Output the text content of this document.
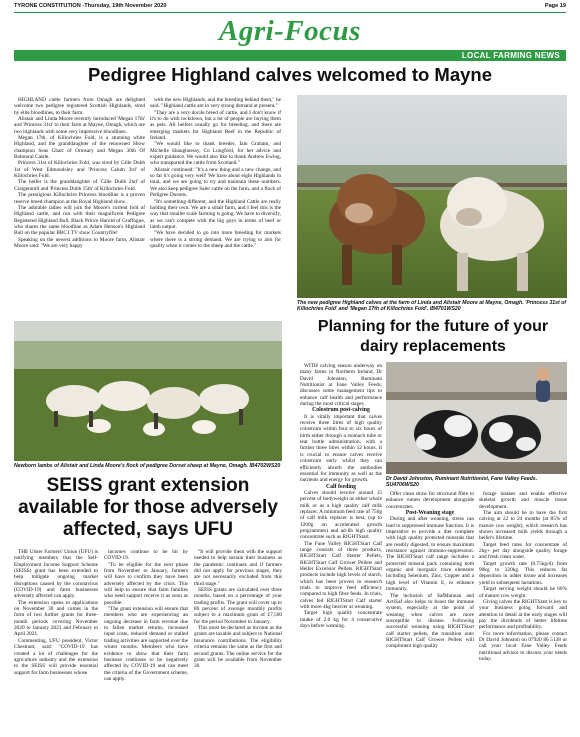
TYRONE CONSTITUTION -Thursday, 19th November 2020	Page 19
Agri-Focus
LOCAL FARMING NEWS
Pedigree Highland calves welcomed to Mayne

HIGHLAND cattle farmers from Omagh are delighted welcome two pedigree registered Scottish Highlands, sired by elite bloodlines, to their farm.

Alistair and Linda Moore recently introduced 'Megan 17th' and 'Princess 31st' to their farm at Mayne, Omagh, which are two highlands with some very impressive bloodlines.

Megan 17th, of Killochries Fold, is a stunning white Highland, and the granddaughter of the renowned Show champion Seas Ghart of Ormsary and Megan 30th Of Balmoral Castle.

Princess 31st of Killochries Fold, was sired by Gille Dubh 1st of West Edmondsley and 'Princess Calum 3rd' of Killochries Fold.

The heifer is the granddaughter of 'Gille Dubh 2nd' of Craigenmill and 'Princess Dubh 15th' of Killochries Fold.

The prestigious Killochries Princess bloodline is a proven reserve breed champion at the Royal Highland show.

The adorable ladies will join the Moore's current fold of Highland cattle, and run with their magnificent Pedigree Registered Highland Bull, Black Prince Harold of Graffogue, who shares the same bloodline as Adam Henson's Highland Bull on the popular BBC1 TV show Countryfile!

Speaking on the newest additions to Moore farm, Alistair Moore said: "We are very happy

with the new Highlands, and the breeding behind them," he said. "Highland cattle are in very strong demand at present."

"They are a very docile breed of cattle, and I don't know if it's to do with lockdown, but a lot of people are buying them as pets. All heifers usually go for breeding, and there are emerging markets for Highland Beef in the Republic of Ireland.

"We would like to thank breeder, Iain Graham, and Michelle Shaughnessy, Co Longford, for her advice and expert guidance. We would also like to thank Andrew Ewing, who transported the cattle from Scotland."

Alistair continued: "It's a new thing and a new change, and so far it's going very well! We have about eight Highlands in total, and we are going to try and maintain these numbers. We also keep pedigree Saler cattle on the farm, and a flock of Pedigree Dorsets.

"It's something different, and the Highland Cattle are really holding their own. We are a small farm, and I feel this is the way that smaller scale farming is going. We have to diversify, as we can't compete with the big guys in terms of beef or lamb output.

"We have decided to go into more breeding for markets where there is a strong demand. We are trying to aim for quality when it comes to the sheep and the cattle."

The new pedigree Highland calves at the farm of Linda and Alistair Moore at Mayne, Omagh. 'Princess 31st of Killochries Fold' and 'Megan 17th of Killochries Fold'. IB4701WS20
Newborn lambs of Alistair and Linda Moore's flock of pedigree Dorset sheep at Mayne, Omagh. IB4702WS20
Planning for the future of your dairy replacements

WITH calving season underway on many farms in Northern Ireland, Dr David Johnston, Ruminant Nutritionist at Fane Valley Feeds, discusses some management tips to enhance calf health and performance during the most critical stages.

Colostrum post-calving

It is vitally important that calves receive three litres of high quality colostrum within four to six hours of birth either through a stomach tube or teat bottle administration, with a further three litres within 12 hours. It is crucial to ensure calves receive colostrum early whilst they can efficiently absorb the antibodies essential for immunity as well as the nutrients and energy for growth.

Calf feeding

Calves should receive around 15 percent of bodyweight as either whole milk or as a high quality calf milk replacer. A minimum feed rate of 750g of calf milk replacer is best, (up to 1200g on accelerated growth programmes) and ad-lib high quality concentrate such as RIGHTStart.

The Fane Valley RIGHTStart Calf range consists of three products, RIGHTStart Calf Starter Pellets, RIGHTStart Calf Grower Pellets and Heifer Excelsior Pellets. RIGHTStart products include high levels of starch, which has been proven in research trials to improve feed efficiency compared to high fibre feeds. In trials, calves fed RIGHTStart Calf starter with more 4kg heavier at weaning.

Target high quality concentrate intake of 2.0 kg for 4 consecutive days before weaning.

Dr David Johnston, Ruminant Nutritionist, Fane Valley Feeds. SU4706WS20

Offer clean straw for structural fibre to enhance rumen development alongside concentrates.

Post-Weaning stage

During and after weaning, stress can lead to suppressed immune function. It is imperative to provide a diet complete with high quality protected minerals that are readily digested, to ensure maximum resistance against immuno-suppression. The RIGHTStart calf range includes a protected mineral pack containing both organic and inorganic trace elements including Selenium, Zinc, Copper and a high level of Vitamin E, to enhance immunity.

The inclusion of SafMannan and ActiSaf also helps to boost the immune system, especially at the point of weaning when calves are more susceptible to disease. Following successful weaning using RIGHTStart calf starter pellets, the transition onto RIGHTStart Calf Grower Pellets will compliment high quality

forage intakes and enable effective skeletal growth and muscle tissue development.

The aim should be to have the first calving at 22 to 24 months (at 85% of mature cow weight), which research has shown increased milk yields through a heifer's lifetime.

Target feed rates for concentrate of 2kg+ per day alongside quality forage and fresh clean water.

Target growth rate (0.75kg/d) from 90kg to 320kg. This reduces fat deposition in udder tissue and increases yield in subsequent lactations.

Target serving weight should be 60% of mature cow weight.

Giving calves the RIGHTStart is key to your business going forward and attention to detail at the early stages will pay the dividends of better lifetime performance and profitability.

For more information, please contact Dr David Johnston on 07920 86 5138 or call your local Fane Valley Feeds nutritional advisor to discuss your needs today.

SEISS grant extension available for those adversely affected, says UFU

THE Ulster Farmers' Union (UFU) is notifying members that the Self-Employment Income Support Scheme (SEISS) grant has been extended to help mitigate ongoing market disruptions caused by the coronavirus (COVID-19) and farm businesses adversely affected can apply.

The extension opens to applications on November 30 and comes in the form of two further grants for three-month periods covering November 2020 to January 2021 and February to April 2021.

Commenting, UFU president, Victor Chestnutt, said: "COVID-19 has created a lot of challenges for the agriculture industry and the extension to the SEISS will provide essential support for farm businesses whose

incomes continue to be hit by COVID-19.

"To be eligible for the next phase from November to January, farmers will have to confirm they have been adversely affected by the crisis. This will help to ensure that farm families who need support receive it as soon as possible.

"The grant extension will ensure that members who are experiencing an ongoing decrease in farm revenue due to fallen market returns, increased input costs, reduced demand or stalled trading activities are supported over the winter months. Members who have evidence to show that their farm business continues to be negatively affected by COVID-19 and can meet the criteria of the Government scheme, can apply.

"It will provide them with the support needed to help sustain their business as the pandemic continues and if farmers did not apply for previous stages, they are not necessarily excluded from this third stage."

SEISS grants are calculated over three months, based on a percentage of your trading profits. The grant will cover up to 80 percent of average monthly profits subject to a maximum grant of £7,500 for the period November to January.

This must be declared as income as the grants are taxable and subject to National Insurance contributions. The eligibility criteria remains the same as the first and second grants. The online service for the grant will be available from November 30.
